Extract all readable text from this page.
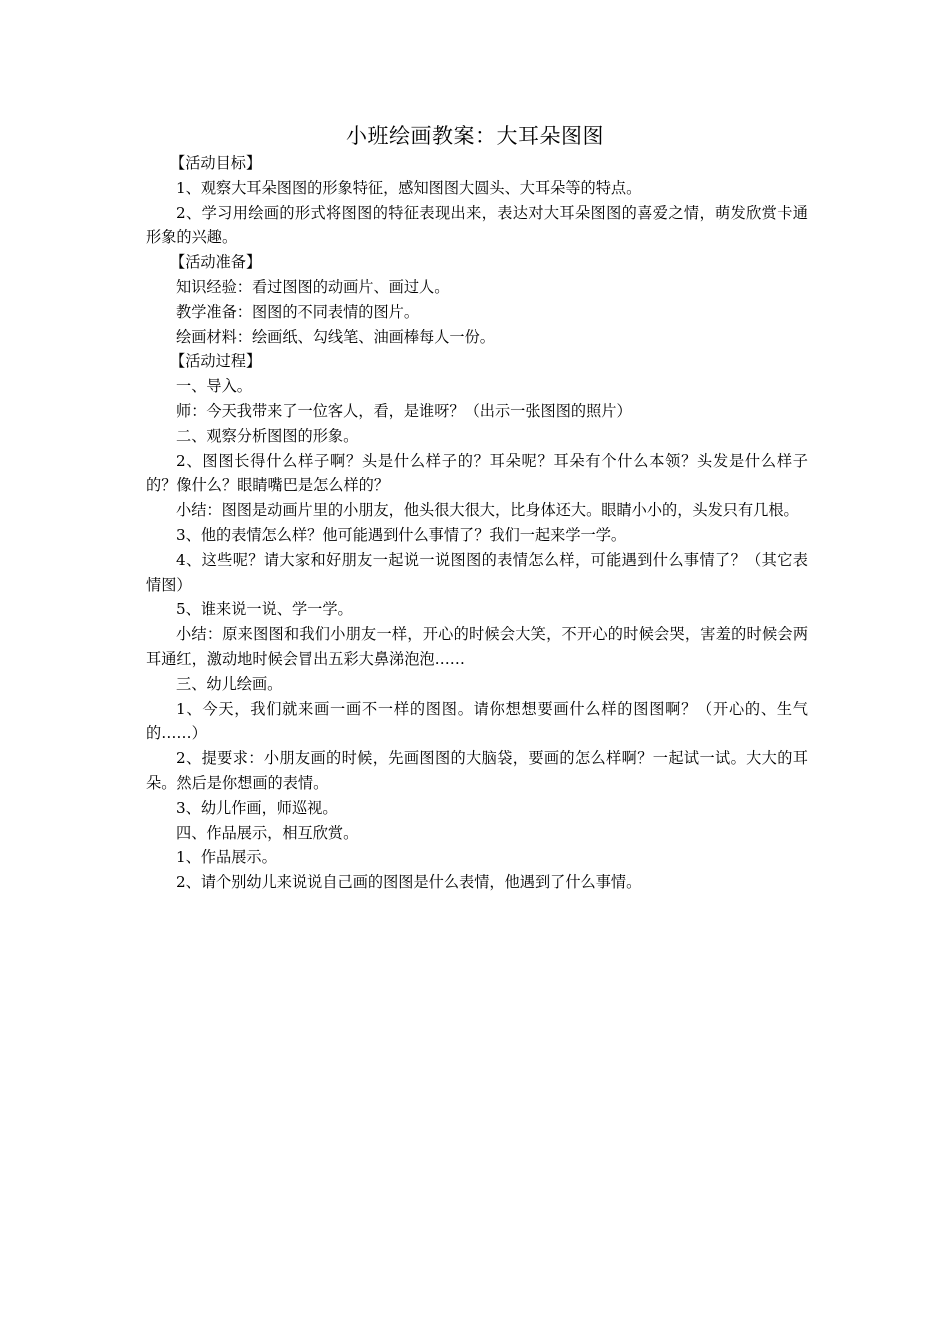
小班绘画教案：大耳朵图图

【活动目标】

1、观察大耳朵图图的形象特征，感知图图大圆头、大耳朵等的特点。

2、学习用绘画的形式将图图的特征表现出来，表达对大耳朵图图的喜爱之情，萌发欣赏卡通形象的兴趣。

【活动准备】

知识经验：看过图图的动画片、画过人。

教学准备：图图的不同表情的图片。

绘画材料：绘画纸、勾线笔、油画棒每人一份。

【活动过程】

一、导入。

师：今天我带来了一位客人，看，是谁呀？（出示一张图图的照片）

二、观察分析图图的形象。

2、图图长得什么样子啊？头是什么样子的？耳朵呢？耳朵有个什么本领？头发是什么样子的？像什么？眼睛嘴巴是怎么样的？

小结：图图是动画片里的小朋友，他头很大很大，比身体还大。眼睛小小的，头发只有几根。

3、他的表情怎么样？他可能遇到什么事情了？我们一起来学一学。

4、这些呢？请大家和好朋友一起说一说图图的表情怎么样，可能遇到什么事情了？（其它表情图）

5、谁来说一说、学一学。

小结：原来图图和我们小朋友一样，开心的时候会大笑，不开心的时候会哭，害羞的时候会两耳通红，激动地时候会冒出五彩大鼻涕泡泡……

三、幼儿绘画。

1、今天，我们就来画一画不一样的图图。请你想想要画什么样的图图啊？（开心的、生气的……）

2、提要求：小朋友画的时候，先画图图的大脑袋，要画的怎么样啊？一起试一试。大大的耳朵。然后是你想画的表情。

3、幼儿作画，师巡视。

四、作品展示，相互欣赏。

1、作品展示。

2、请个别幼儿来说说自己画的图图是什么表情，他遇到了什么事情。
